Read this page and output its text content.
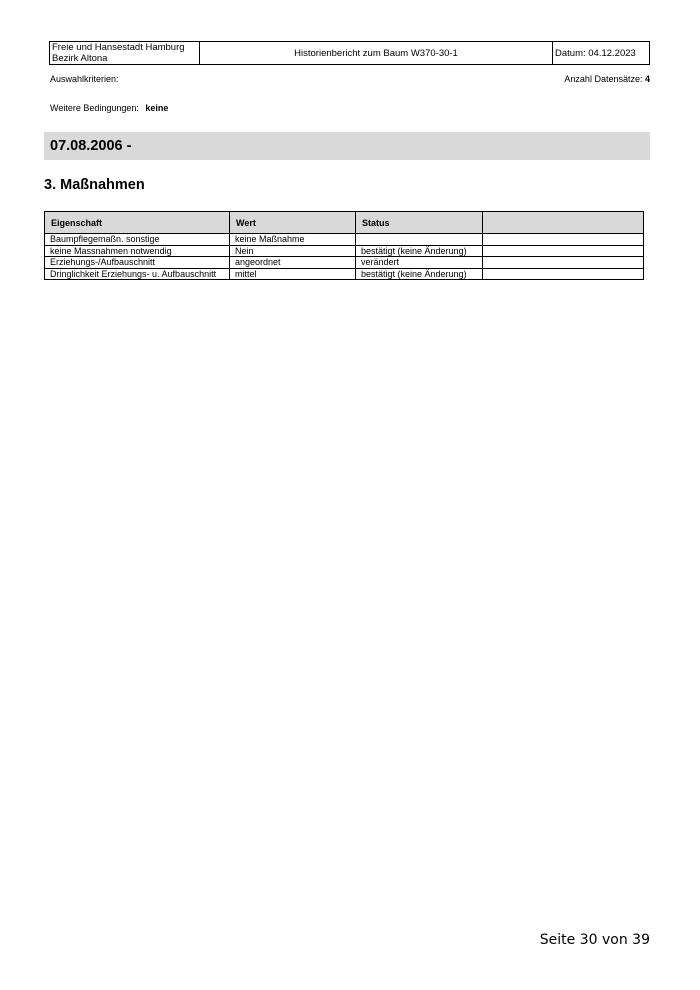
Freie und Hansestadt Hamburg
Bezirk Altona	Historienbericht zum Baum W370-30-1	Datum: 04.12.2023
Auswahlkriterien:	Anzahl Datensätze: 4
Weitere Bedingungen: keine
07.08.2006 -
3. Maßnahmen
Eigenschaft	Wert	Status	
Baumpflegemaßn. sonstige	keine Maßnahme		
keine Massnahmen notwendig	Nein	bestätigt (keine Änderung)	
Erziehungs-/Aufbauschnitt	angeordnet	verändert	
Dringlichkeit Erziehungs- u. Aufbauschnitt	mittel	bestätigt (keine Änderung)	
Seite 30 von 39
